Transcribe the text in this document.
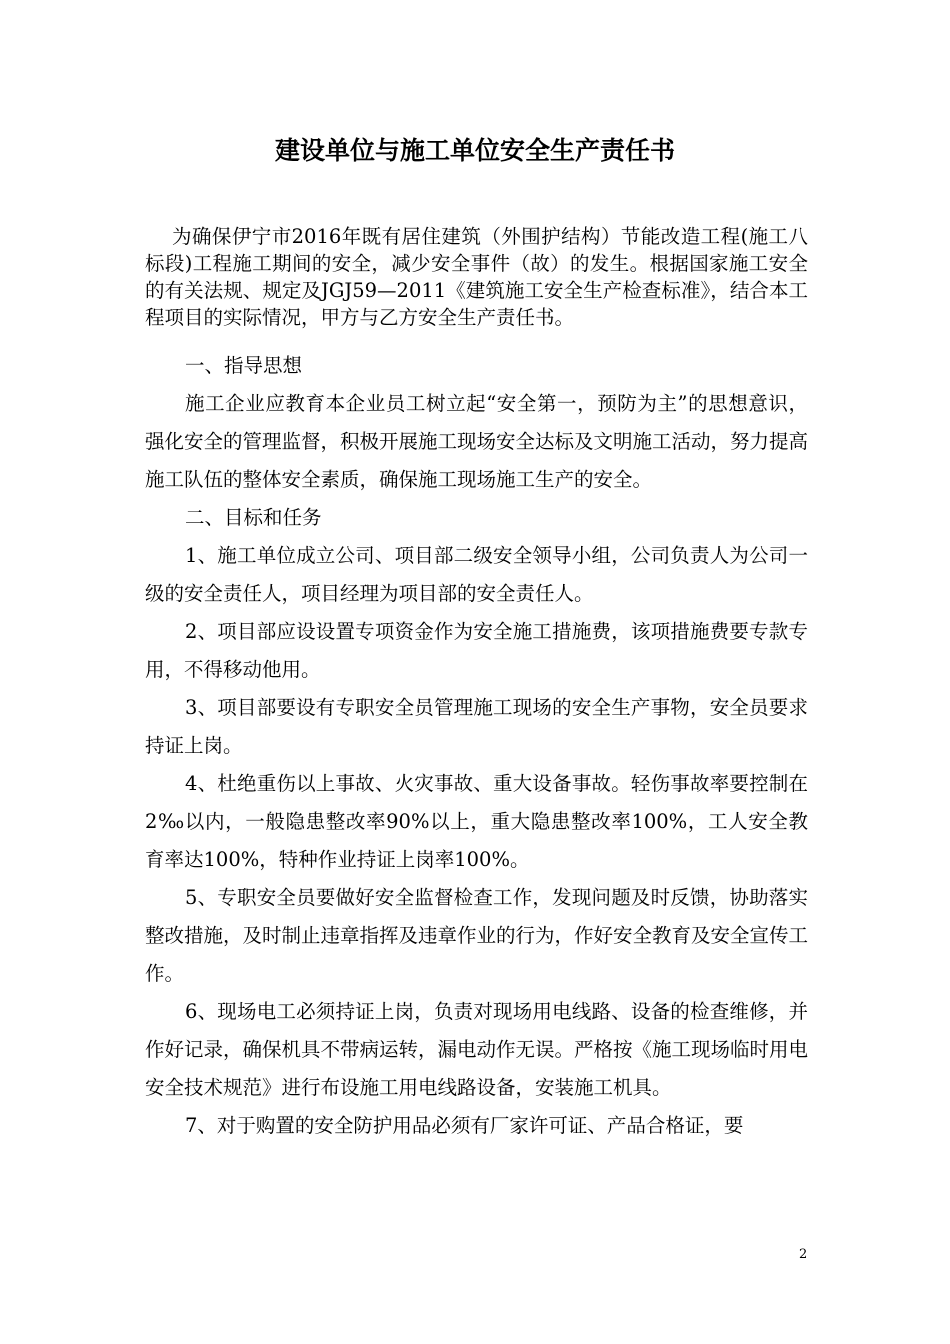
建设单位与施工单位安全生产责任书
为确保伊宁市2016年既有居住建筑（外围护结构）节能改造工程(施工八标段)工程施工期间的安全，减少安全事件（故）的发生。根据国家施工安全的有关法规、规定及JGJ59—2011《建筑施工安全生产检查标准》，结合本工程项目的实际情况，甲方与乙方安全生产责任书。

一、指导思想

施工企业应教育本企业员工树立起“安全第一，预防为主”的思想意识，强化安全的管理监督，积极开展施工现场安全达标及文明施工活动，努力提高施工队伍的整体安全素质，确保施工现场施工生产的安全。

二、目标和任务

1、施工单位成立公司、项目部二级安全领导小组，公司负责人为公司一级的安全责任人，项目经理为项目部的安全责任人。

2、项目部应设设置专项资金作为安全施工措施费，该项措施费要专款专用，不得移动他用。

3、项目部要设有专职安全员管理施工现场的安全生产事物，安全员要求持证上岗。

4、杜绝重伤以上事故、火灾事故、重大设备事故。轻伤事故率要控制在2‰以内，一般隐患整改率90%以上，重大隐患整改率100%，工人安全教育率达100%，特种作业持证上岗率100%。

5、专职安全员要做好安全监督检查工作，发现问题及时反馈，协助落实整改措施，及时制止违章指挥及违章作业的行为，作好安全教育及安全宣传工作。

6、现场电工必须持证上岗，负责对现场用电线路、设备的检查维修，并作好记录，确保机具不带病运转，漏电动作无误。严格按《施工现场临时用电安全技术规范》进行布设施工用电线路设备，安装施工机具。

7、对于购置的安全防护用品必须有厂家许可证、产品合格证，要

2
